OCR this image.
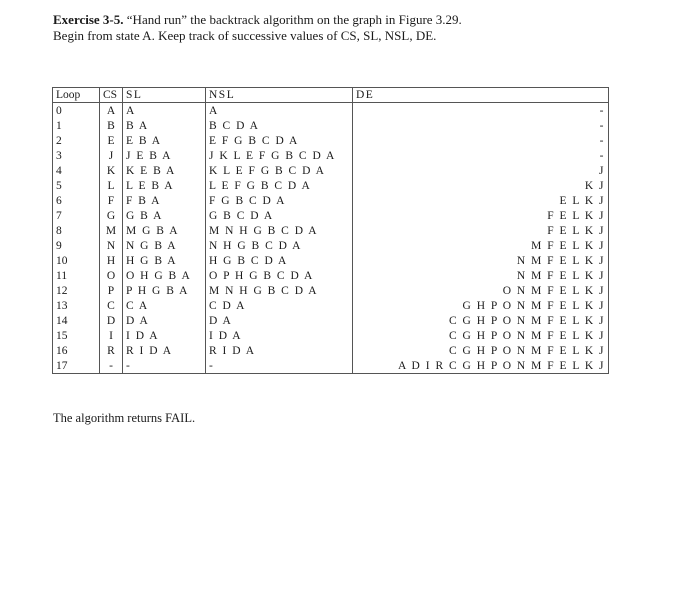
Exercise 3-5. “Hand run” the backtrack algorithm on the graph in Figure 3.29.
Begin from state A. Keep track of successive values of CS, SL, NSL, DE.
Loop	CS	SL	NSL	DE
0	A	A	A	-
1	B	B A	B C D A	-
2	E	E B A	E F G B C D A	-
3	J	J E B A	J K L E F G B C D A	-
4	K	K E B A	K L E F G B C D A	J
5	L	L E B A	L E F G B C D A	K J
6	F	F B A	F G B C D A	E L K J
7	G	G B A	G B C D A	F E L K J
8	M	M G B A	M N H G B C D A	F E L K J
9	N	N G B A	N H G B C D A	M F E L K J
10	H	H G B A	H G B C D A	N M F E L K J
11	O	O H G B A	O P H G B C D A	N M F E L K J
12	P	P H G B A	M N H G B C D A	O N M F E L K J
13	C	C A	C D A	G H P O N M F E L K J
14	D	D A	D A	C G H P O N M F E L K J
15	I	I D A	I D A	C G H P O N M F E L K J
16	R	R I D A	R I D A	C G H P O N M F E L K J
17	-	-	-	A D I R C G H P O N M F E L K J
The algorithm returns FAIL.
